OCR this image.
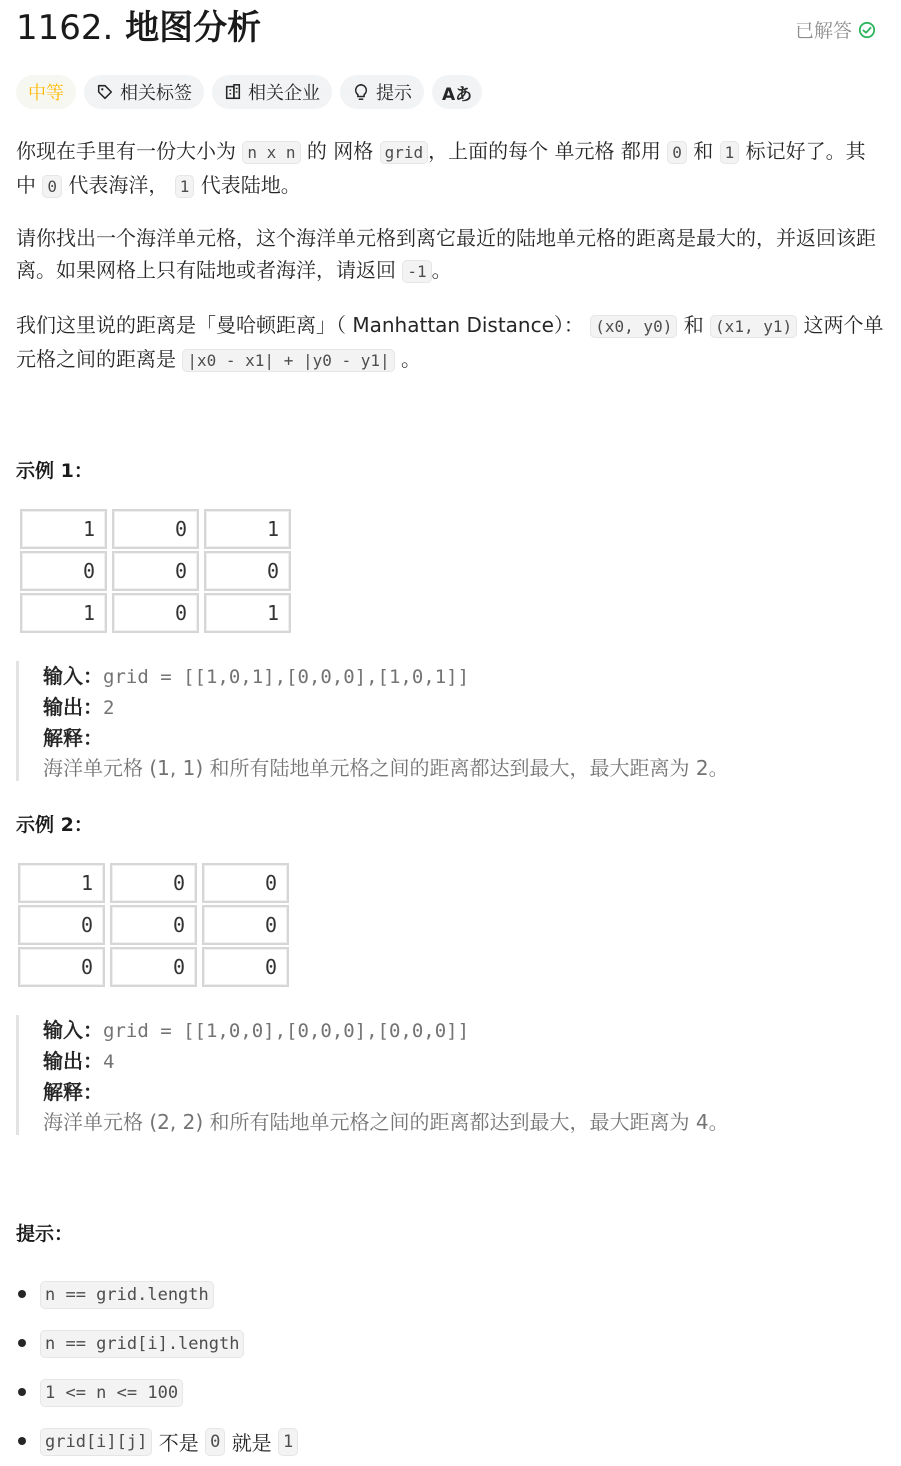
1162. 地图分析	已解答
中等	相关标签	相关企业	提示 Aあ
你现在手里有一份大小为 n x n 的 网格 grid ，上面的每个 单元格 都用 0 和 1 标记好了。其中 0 代表海洋， 1 代表陆地。
请你找出一个海洋单元格，这个海洋单元格到离它最近的陆地单元格的距离是最大的，并返回该距离。如果网格上只有陆地或者海洋，请返回 -1 。
我们这里说的距离是「曼哈顿距离」（ Manhattan Distance）： (x0, y0) 和 (x1, y1) 这两个单元格之间的距离是 |x0 - x1| + |y0 - y1| 。
示例 1：
1	0	1
0	0	0
1	0	1
输入：grid = [[1,0,1],[0,0,0],[1,0,1]]
输出：2
解释：
海洋单元格 (1, 1) 和所有陆地单元格之间的距离都达到最大，最大距离为 2。
示例 2：
1	0	0
0	0	0
0	0	0
输入：grid = [[1,0,0],[0,0,0],[0,0,0]]
输出：4
解释：
海洋单元格 (2, 2) 和所有陆地单元格之间的距离都达到最大，最大距离为 4。
提示：
n == grid.length
n == grid[i].length
1 <= n <= 100
grid[i][j]
不是
0
就是
1
